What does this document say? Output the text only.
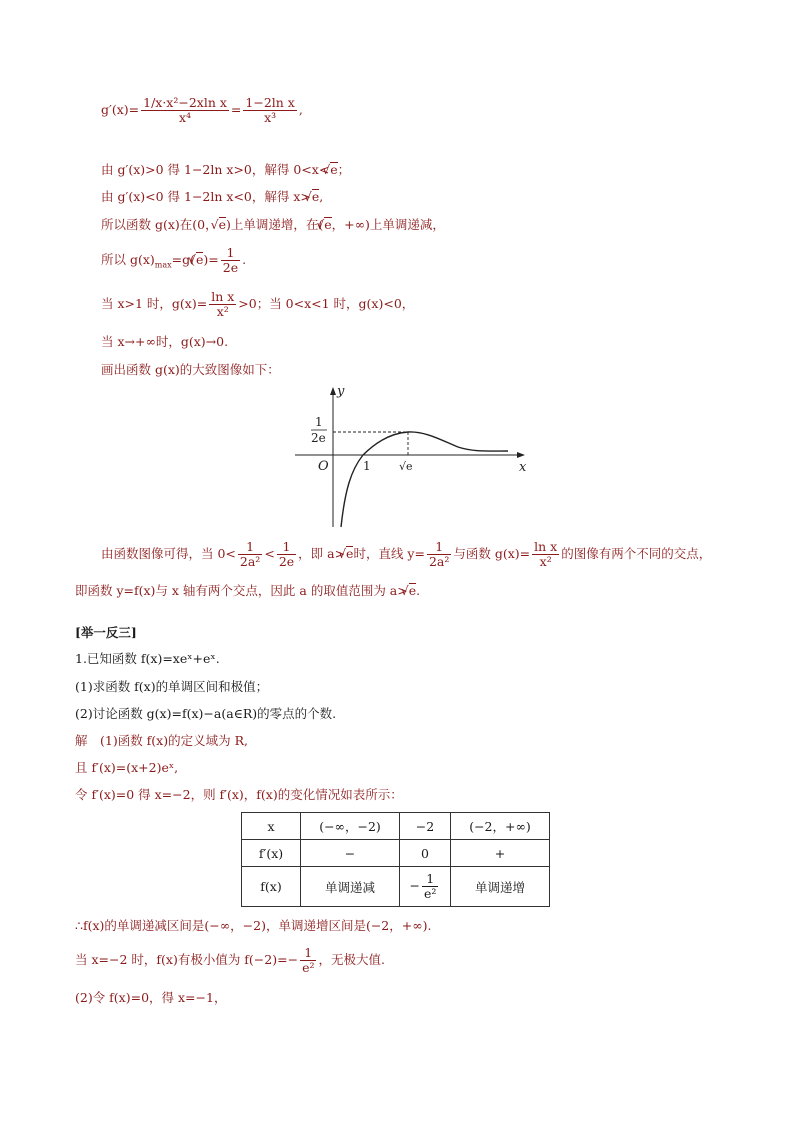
$g'(x)= \frac{\text{1/x·x²−2xln x}}{\text{x⁴}} = \frac{\text{1−2ln x}}{\text{x³}}$ ,
由 g′(x)>0 得 1−2ln x>0，解得 0<x<√ e；
由 g′(x)<0 得 1−2ln x<0，解得 x>√ e,
所以函数 g(x)在(0，√ e)上单调递增，在(√ e，+∞)上单调递减，
所以 $g(x)_{max}=g(√$ $e)= \frac{1}{2e}$ .
当 x>1 时，$g(x)= \frac{\text{ln x}}{\text{x²}} >0$；当 0<x<1 时，g(x)<0，
当 x→+∞时，g(x)→0.
画出函数 g(x)的大致图像如下：
y
x
O	1	√e
1
2e
由函数图像可得，当 $0< \frac{1}{\text{2a²}} < \frac{1}{2e}$ ，即 a>√ e时，直线 $y= \frac{1}{\text{2a²}}$ 与函数 $g(x)= \frac{\text{ln x}}{\text{x²}}$ 的图像有两个不同的交点，
即函数 y=f(x)与 x 轴有两个交点，因此 a 的取值范围为 a>√ e.
[举一反三]
1.已知函数 f(x)=xeˣ+eˣ.
(1)求函数 f(x)的单调区间和极值；
(2)讨论函数 g(x)=f(x)−a(a∈R)的零点的个数.
解　(1)函数 f(x)的定义域为 R,
且 f′(x)=(x+2)eˣ,
令 f′(x)=0 得 x=−2，则 f′(x)，f(x)的变化情况如表所示：
x	(−∞，−2)	−2	(−2，+∞)
f′(x)	−	0	+
f(x)	单调递减	− $\frac{1}{\text{e²}}$	单调递增
∴f(x)的单调递减区间是(−∞，−2)，单调递增区间是(−2，+∞).
当 x=−2 时，f(x)有极小值为 $f(-2)=- \frac{1}{\text{e²}}$ ，无极大值.
(2)令 f(x)=0，得 x=−1，
